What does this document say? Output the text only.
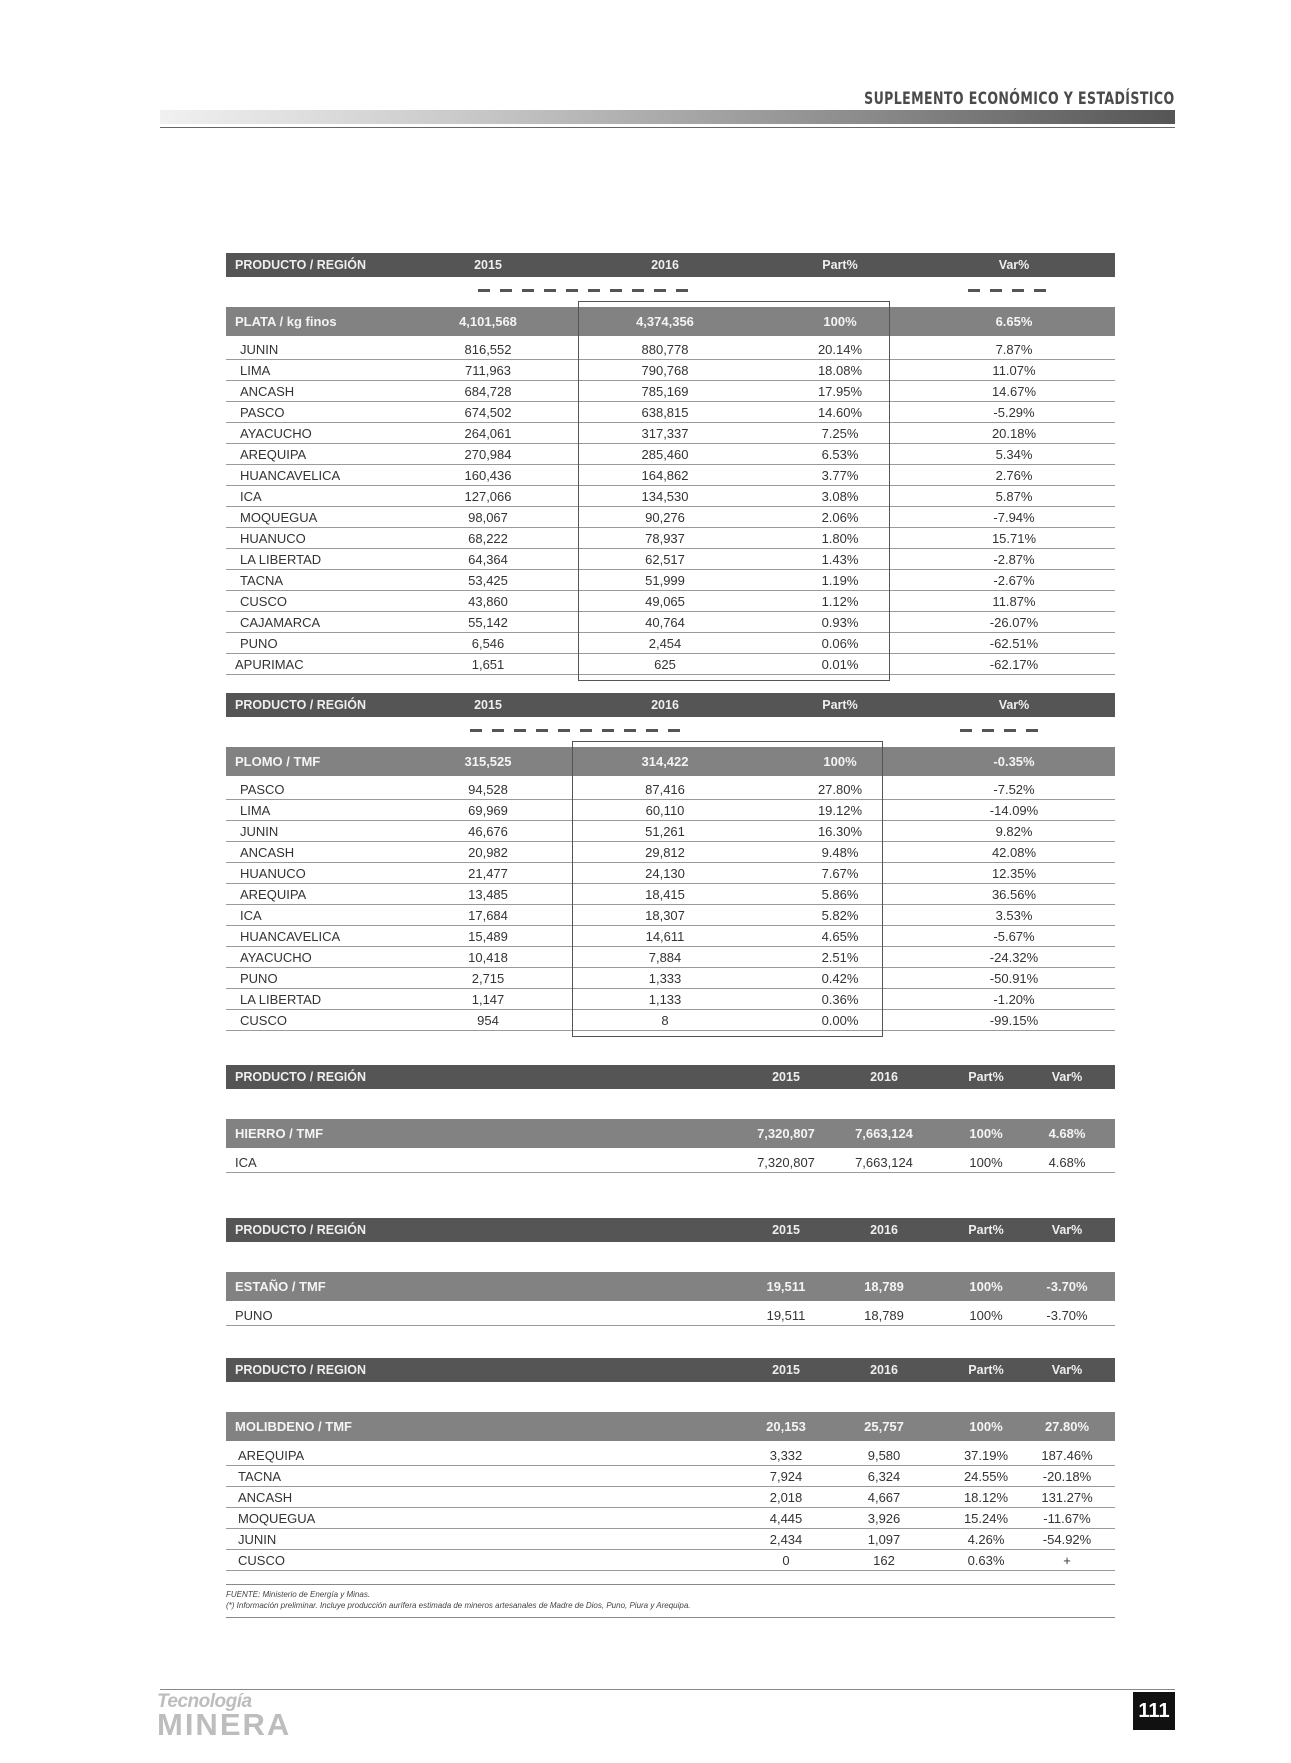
SUPLEMENTO ECONÓMICO Y ESTADÍSTICO
PRODUCTO / REGIÓN	2015	2016	Part%	Var%
PLATA / kg finos	4,101,568	4,374,356	100%	6.65%
JUNIN	816,552	880,778	20.14%	7.87%
LIMA	711,963	790,768	18.08%	11.07%
ANCASH	684,728	785,169	17.95%	14.67%
PASCO	674,502	638,815	14.60%	-5.29%
AYACUCHO	264,061	317,337	7.25%	20.18%
AREQUIPA	270,984	285,460	6.53%	5.34%
HUANCAVELICA	160,436	164,862	3.77%	2.76%
ICA	127,066	134,530	3.08%	5.87%
MOQUEGUA	98,067	90,276	2.06%	-7.94%
HUANUCO	68,222	78,937	1.80%	15.71%
LA LIBERTAD	64,364	62,517	1.43%	-2.87%
TACNA	53,425	51,999	1.19%	-2.67%
CUSCO	43,860	49,065	1.12%	11.87%
CAJAMARCA	55,142	40,764	0.93%	-26.07%
PUNO	6,546	2,454	0.06%	-62.51%
APURIMAC	1,651	625	0.01%	-62.17%
PRODUCTO / REGIÓN	2015	2016	Part%	Var%
PLOMO / TMF	315,525	314,422	100%	-0.35%
PASCO	94,528	87,416	27.80%	-7.52%
LIMA	69,969	60,110	19.12%	-14.09%
JUNIN	46,676	51,261	16.30%	9.82%
ANCASH	20,982	29,812	9.48%	42.08%
HUANUCO	21,477	24,130	7.67%	12.35%
AREQUIPA	13,485	18,415	5.86%	36.56%
ICA	17,684	18,307	5.82%	3.53%
HUANCAVELICA	15,489	14,611	4.65%	-5.67%
AYACUCHO	10,418	7,884	2.51%	-24.32%
PUNO	2,715	1,333	0.42%	-50.91%
LA LIBERTAD	1,147	1,133	0.36%	-1.20%
CUSCO	954	8	0.00%	-99.15%
PRODUCTO / REGIÓN	2015	2016	Part%	Var%
HIERRO / TMF	7,320,807	7,663,124	100%	4.68%
ICA	7,320,807	7,663,124	100%	4.68%
PRODUCTO / REGIÓN	2015	2016	Part%	Var%
ESTAÑO / TMF	19,511	18,789	100%	-3.70%
PUNO	19,511	18,789	100%	-3.70%
PRODUCTO / REGION	2015	2016	Part%	Var%
MOLIBDENO / TMF	20,153	25,757	100%	27.80%
AREQUIPA	3,332	9,580	37.19%	187.46%
TACNA	7,924	6,324	24.55%	-20.18%
ANCASH	2,018	4,667	18.12%	131.27%
MOQUEGUA	4,445	3,926	15.24%	-11.67%
JUNIN	2,434	1,097	4.26%	-54.92%
CUSCO	0	162	0.63%	+
FUENTE: Ministerio de Energía y Minas.
(*) Información preliminar. Incluye producción aurífera estimada de mineros artesanales de Madre de Dios, Puno, Piura y Arequipa.
Tecnología
MINERA	111
